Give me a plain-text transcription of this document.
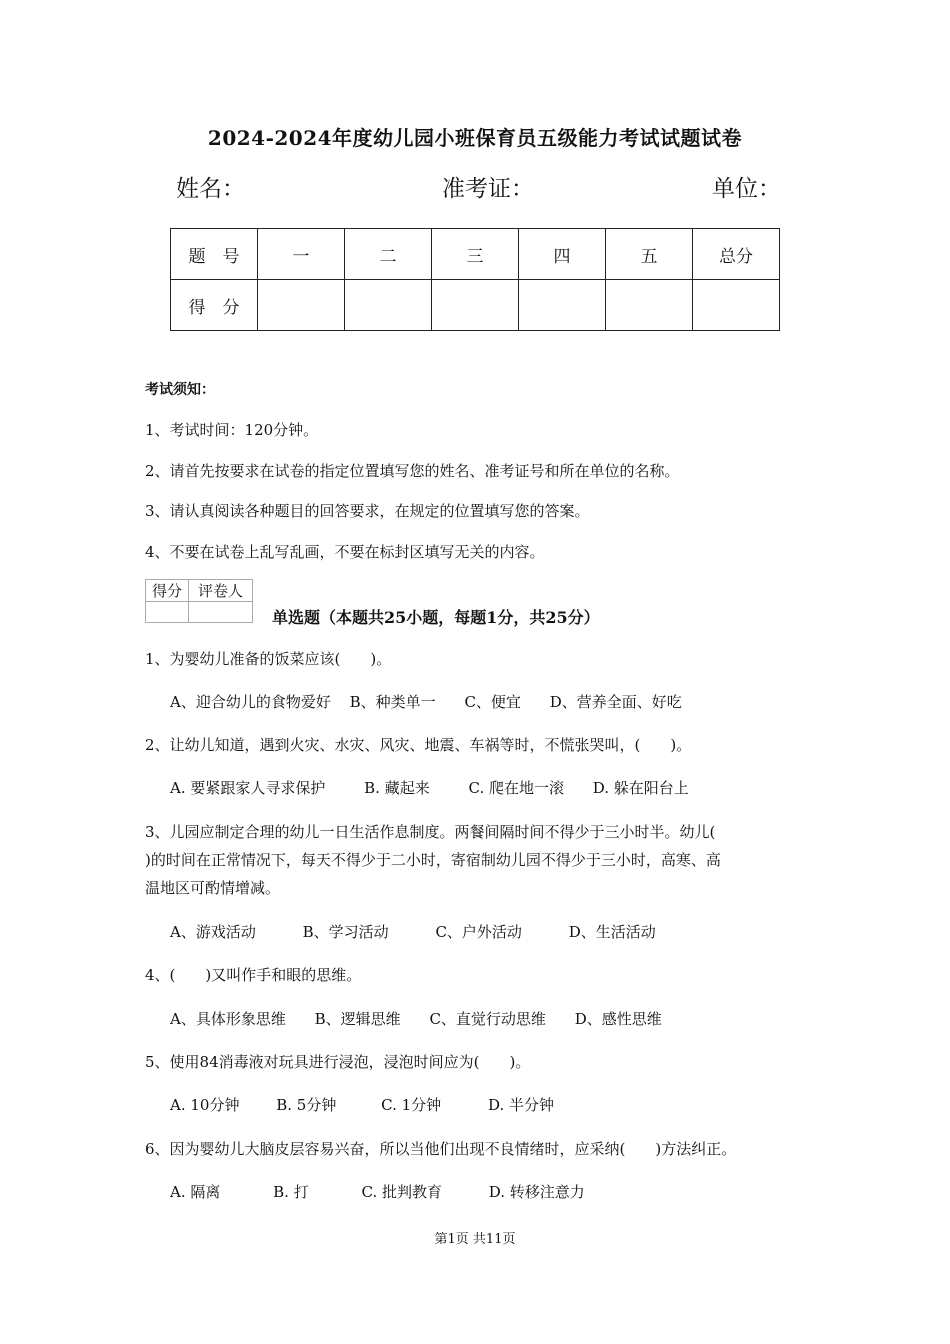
2024-2024年度幼儿园小班保育员五级能力考试试题试卷
姓名：	准考证：	单位：
题　号	一	二	三	四	五	总分
得　分						
考试须知：
1、考试时间：120分钟。
2、请首先按要求在试卷的指定位置填写您的姓名、准考证号和所在单位的名称。
3、请认真阅读各种题目的回答要求，在规定的位置填写您的答案。
4、不要在试卷上乱写乱画，不要在标封区填写无关的内容。
得分	评卷人

单选题（本题共25小题，每题1分，共25分）
1、为婴幼儿准备的饭菜应该(　　)。
A、迎合幼儿的食物爱好 B、种类单一 C、便宜 D、营养全面、好吃
2、让幼儿知道，遇到火灾、水灾、风灾、地震、车祸等时，不慌张哭叫，(　　)。
A. 要紧跟家人寻求保护	B. 藏起来	C. 爬在地一滚 D. 躲在阳台上
3、儿园应制定合理的幼儿一日生活作息制度。两餐间隔时间不得少于三小时半。幼儿(
)的时间在正常情况下，每天不得少于二小时，寄宿制幼儿园不得少于三小时，高寒、高
温地区可酌情增减。
A、游戏活动	B、学习活动	C、户外活动	D、生活活动
4、(　　)又叫作手和眼的思维。
A、具体形象思维 B、逻辑思维 C、直觉行动思维 D、感性思维
5、使用84消毒液对玩具进行浸泡，浸泡时间应为(　　)。
A. 10分钟 B. 5分钟	C. 1分钟	D. 半分钟
6、因为婴幼儿大脑皮层容易兴奋，所以当他们出现不良情绪时，应采纳(　　)方法纠正。
A. 隔离	B. 打	C. 批判教育	D. 转移注意力
第1页 共11页
